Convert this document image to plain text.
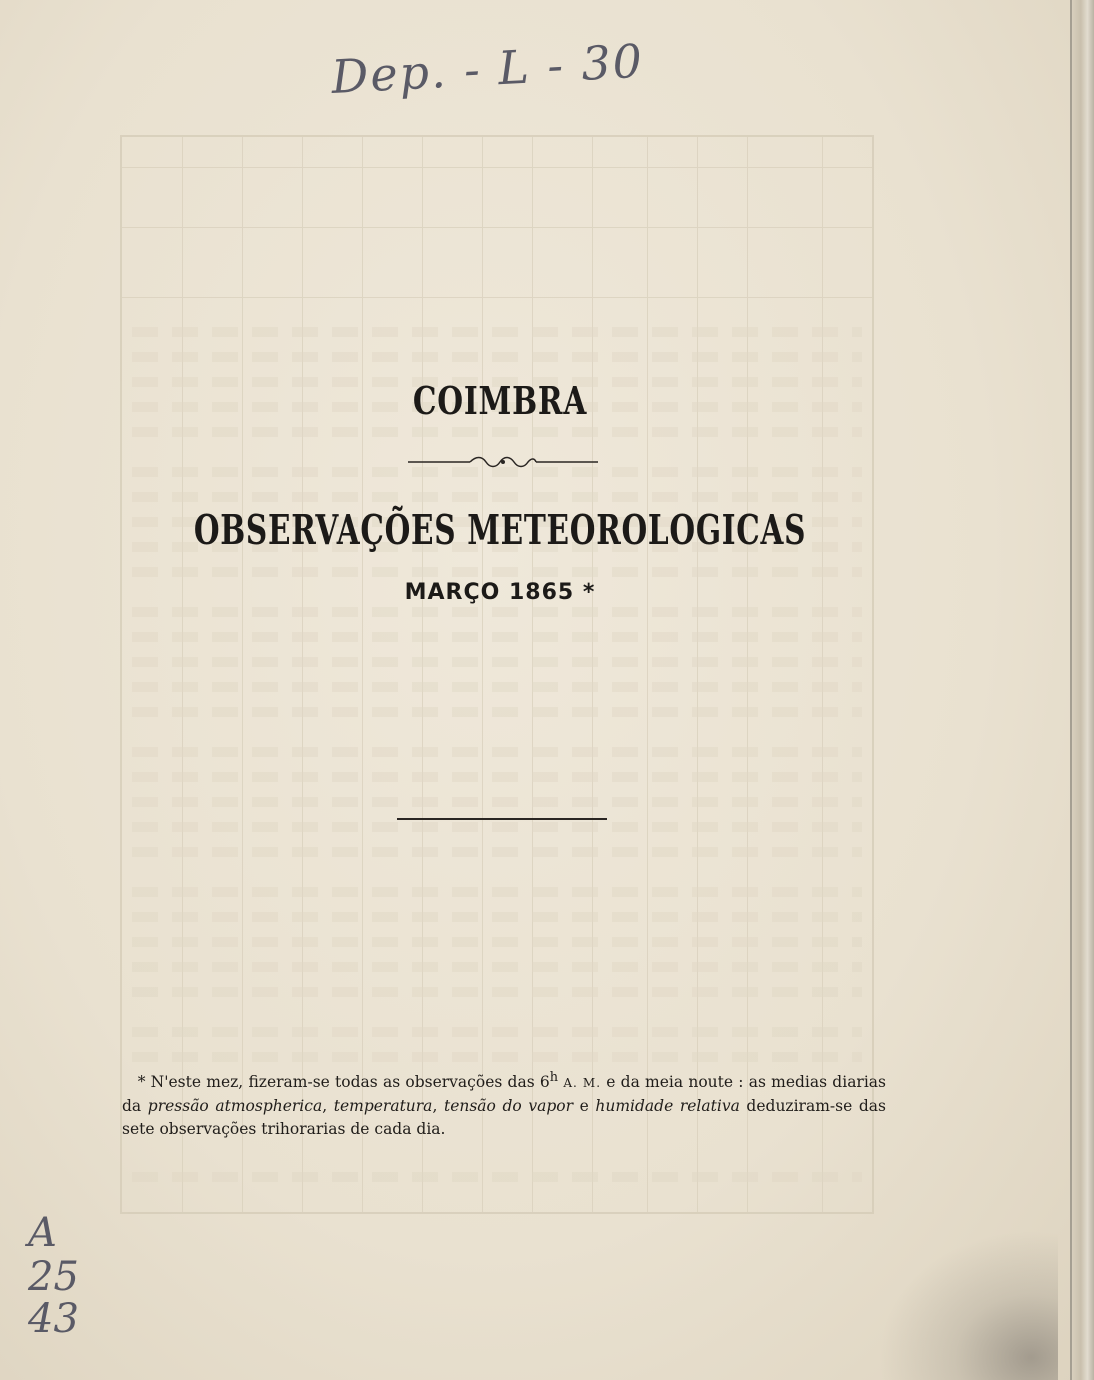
Dep. - L - 30
A
25
43
COIMBRA
OBSERVAÇÕES METEOROLOGICAS
MARÇO 1865 *
* N'este mez, fizeram-se todas as observações das 6$^h$ A. M. e da meia noute : as medias diarias da pressão atmospherica, temperatura, tensão do vapor e humidade relativa deduziram-se das sete observações trihorarias de cada dia.
